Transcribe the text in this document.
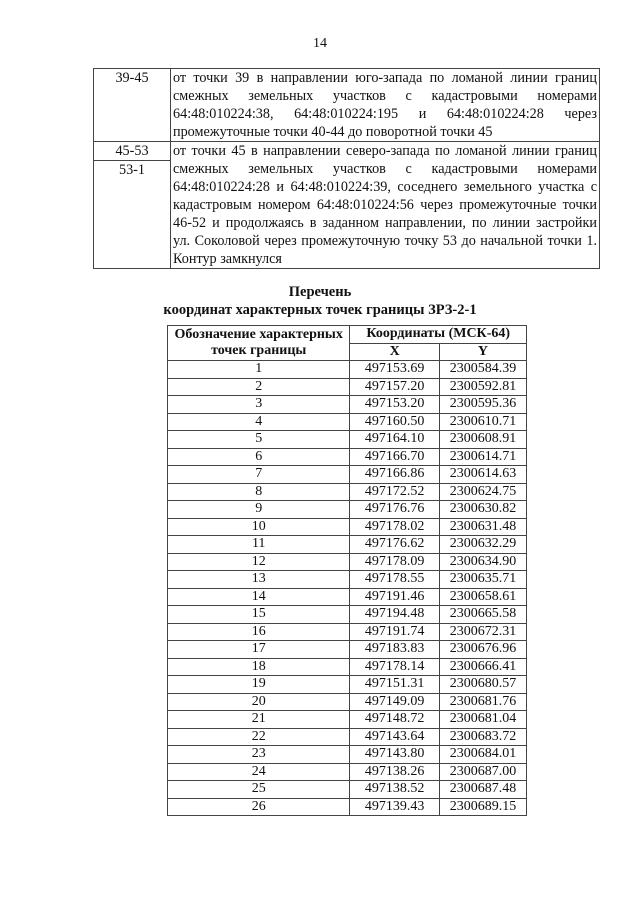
14
39-45	от точки 39 в направлении юго-запада по ломаной линии границ смежных земельных участков с кадастровыми номерами 64:48:010224:38, 64:48:010224:195 и 64:48:010224:28 через промежуточные точки 40-44 до поворотной точки 45

45-53
53-1	от точки 45 в направлении северо-запада по ломаной линии границ смежных земельных участков с кадастровыми номерами 64:48:010224:28 и 64:48:010224:39, соседнего земельного участка с кадастровым номером 64:48:010224:56 через промежуточные точки 46-52 и продолжаясь в заданном направлении, по линии застройки ул. Соколовой через промежуточную точку 53 до начальной точки 1. Контур замкнулся
Перечень
координат характерных точек границы ЗРЗ-2-1
Обозначение характерных точек границы	Координаты (МСК-64)	
	X	Y
1	497153.69	2300584.39
2	497157.20	2300592.81
3	497153.20	2300595.36
4	497160.50	2300610.71
5	497164.10	2300608.91
6	497166.70	2300614.71
7	497166.86	2300614.63
8	497172.52	2300624.75
9	497176.76	2300630.82
10	497178.02	2300631.48
11	497176.62	2300632.29
12	497178.09	2300634.90
13	497178.55	2300635.71
14	497191.46	2300658.61
15	497194.48	2300665.58
16	497191.74	2300672.31
17	497183.83	2300676.96
18	497178.14	2300666.41
19	497151.31	2300680.57
20	497149.09	2300681.76
21	497148.72	2300681.04
22	497143.64	2300683.72
23	497143.80	2300684.01
24	497138.26	2300687.00
25	497138.52	2300687.48
26	497139.43	2300689.15
